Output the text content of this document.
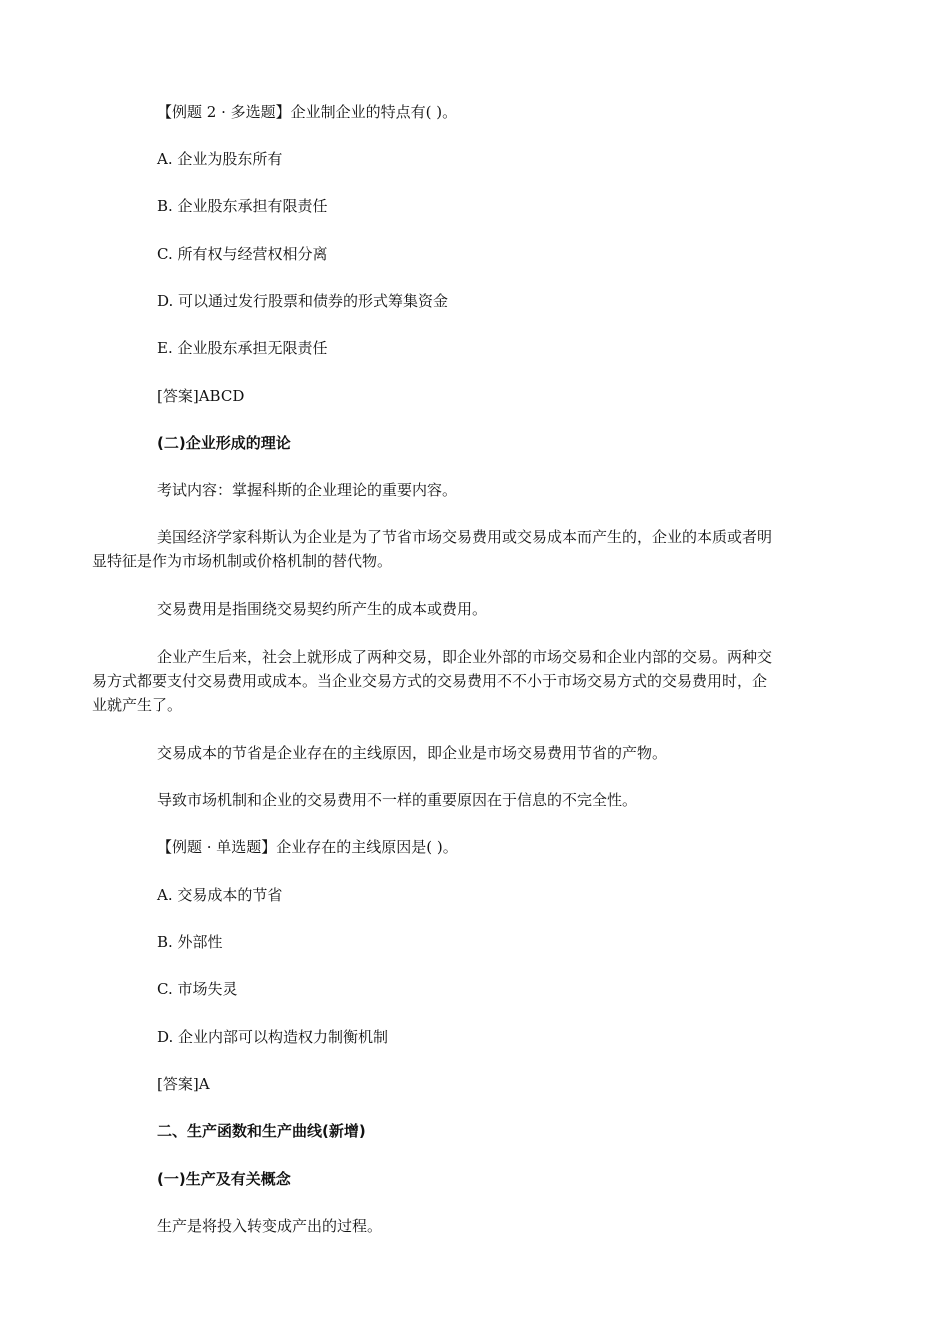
【例题 2 · 多选题】企业制企业的特点有( )。

A. 企业为股东所有

B. 企业股东承担有限责任

C. 所有权与经营权相分离

D. 可以通过发行股票和债券的形式筹集资金

E. 企业股东承担无限责任

[答案]ABCD

(二)企业形成的理论

考试内容：掌握科斯的企业理论的重要内容。

美国经济学家科斯认为企业是为了节省市场交易费用或交易成本而产生的，企业的本质或者明
显特征是作为市场机制或价格机制的替代物。

交易费用是指围绕交易契约所产生的成本或费用。

企业产生后来，社会上就形成了两种交易，即企业外部的市场交易和企业内部的交易。两种交
易方式都要支付交易费用或成本。当企业交易方式的交易费用不不小于市场交易方式的交易费用时，企
业就产生了。

交易成本的节省是企业存在的主线原因，即企业是市场交易费用节省的产物。

导致市场机制和企业的交易费用不一样的重要原因在于信息的不完全性。

【例题 · 单选题】企业存在的主线原因是( )。

A. 交易成本的节省

B. 外部性

C. 市场失灵

D. 企业内部可以构造权力制衡机制

[答案]A

二、生产函数和生产曲线(新增)

(一)生产及有关概念

生产是将投入转变成产出的过程。
